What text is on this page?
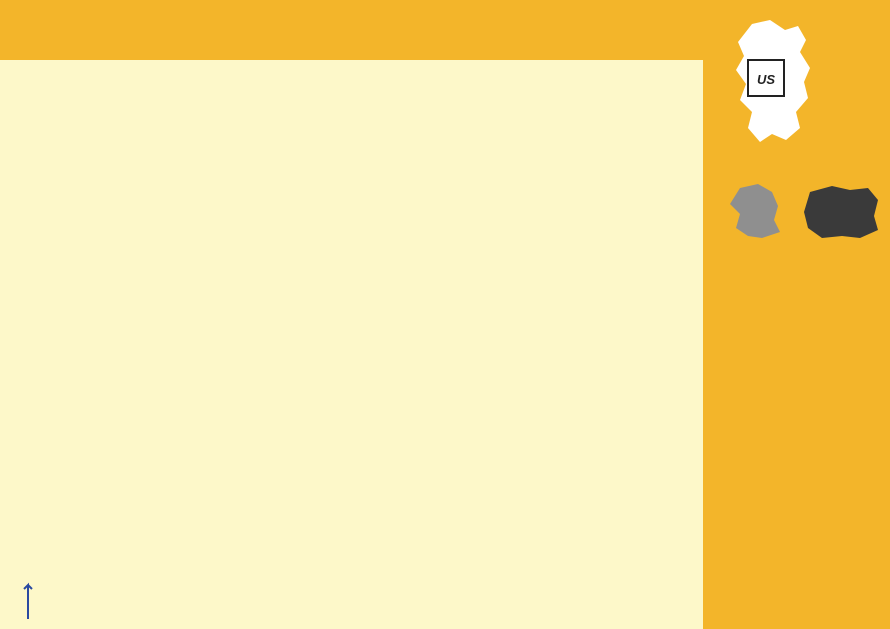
US
